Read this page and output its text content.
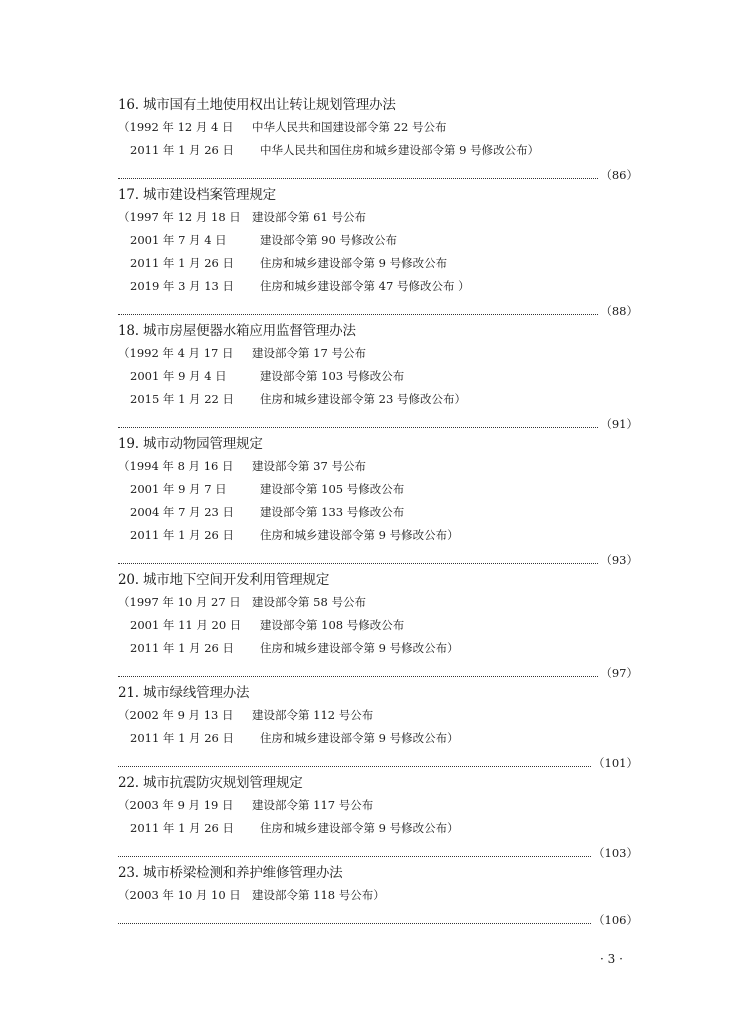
16. 城市国有土地使用权出让转让规划管理办法
（1992 年 12 月 4 日 中华人民共和国建设部令第 22 号公布
2011 年 1 月 26 日 中华人民共和国住房和城乡建设部令第 9 号修改公布）
（86）
17. 城市建设档案管理规定
（1997 年 12 月 18 日 建设部令第 61 号公布
2001 年 7 月 4 日	建设部令第 90 号修改公布
2011 年 1 月 26 日 住房和城乡建设部令第 9 号修改公布
2019 年 3 月 13 日 住房和城乡建设部令第 47 号修改公布 ）
（88）
18. 城市房屋便器水箱应用监督管理办法
（1992 年 4 月 17 日 建设部令第 17 号公布
2001 年 9 月 4 日	建设部令第 103 号修改公布
2015 年 1 月 22 日 住房和城乡建设部令第 23 号修改公布）
（91）
19. 城市动物园管理规定
（1994 年 8 月 16 日 建设部令第 37 号公布
2001 年 9 月 7 日	建设部令第 105 号修改公布
2004 年 7 月 23 日 建设部令第 133 号修改公布
2011 年 1 月 26 日 住房和城乡建设部令第 9 号修改公布）
（93）
20. 城市地下空间开发利用管理规定
（1997 年 10 月 27 日 建设部令第 58 号公布
2001 年 11 月 20 日 建设部令第 108 号修改公布
2011 年 1 月 26 日 住房和城乡建设部令第 9 号修改公布）
（97）
21. 城市绿线管理办法
（2002 年 9 月 13 日 建设部令第 112 号公布
2011 年 1 月 26 日 住房和城乡建设部令第 9 号修改公布）
（101）
22. 城市抗震防灾规划管理规定
（2003 年 9 月 19 日 建设部令第 117 号公布
2011 年 1 月 26 日 住房和城乡建设部令第 9 号修改公布）
（103）
23. 城市桥梁检测和养护维修管理办法
（2003 年 10 月 10 日 建设部令第 118 号公布）
（106）
· 3 ·
